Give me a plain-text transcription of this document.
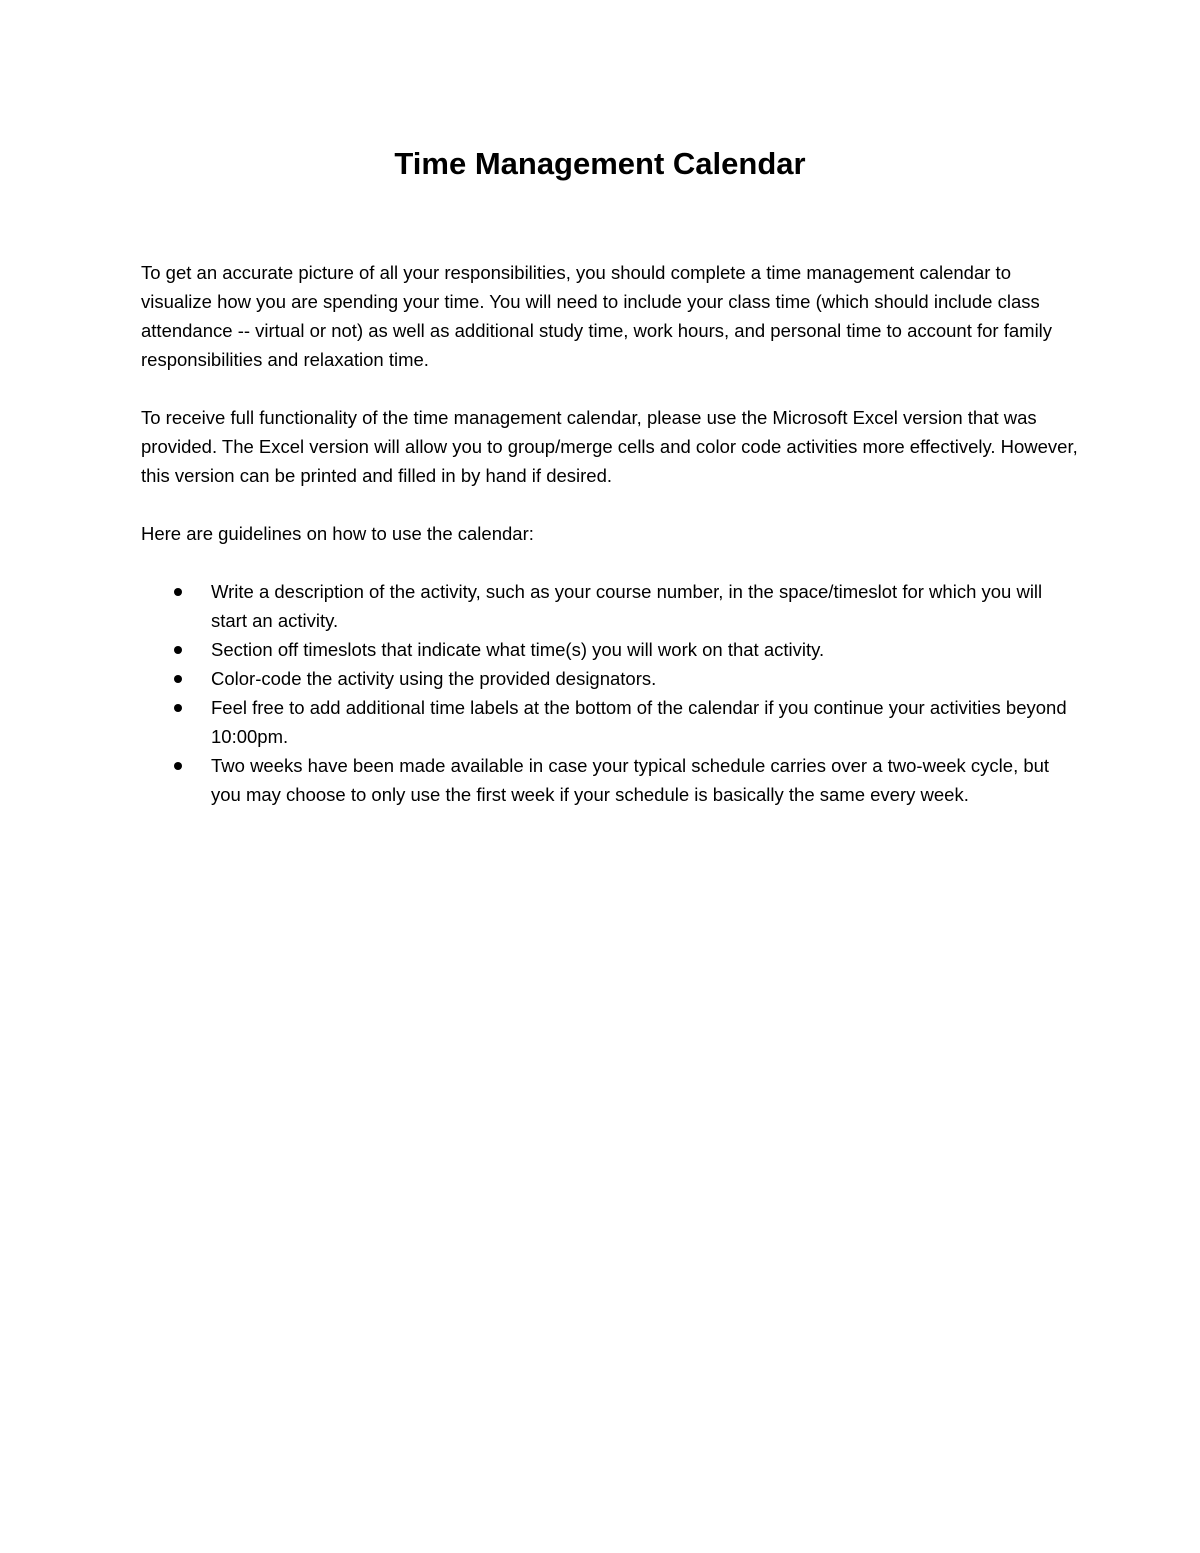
Time Management Calendar

To get an accurate picture of all your responsibilities, you should complete a time management calendar to visualize how you are spending your time. You will need to include your class time (which should include class attendance -- virtual or not) as well as additional study time, work hours, and personal time to account for family responsibilities and relaxation time.

To receive full functionality of the time management calendar, please use the Microsoft Excel version that was provided. The Excel version will allow you to group/merge cells and color code activities more effectively. However, this version can be printed and filled in by hand if desired.

Here are guidelines on how to use the calendar:

Write a description of the activity, such as your course number, in the space/timeslot for which you will start an activity.
Section off timeslots that indicate what time(s) you will work on that activity.
Color-code the activity using the provided designators.
Feel free to add additional time labels at the bottom of the calendar if you continue your activities beyond 10:00pm.
Two weeks have been made available in case your typical schedule carries over a two-week cycle, but you may choose to only use the first week if your schedule is basically the same every week.
